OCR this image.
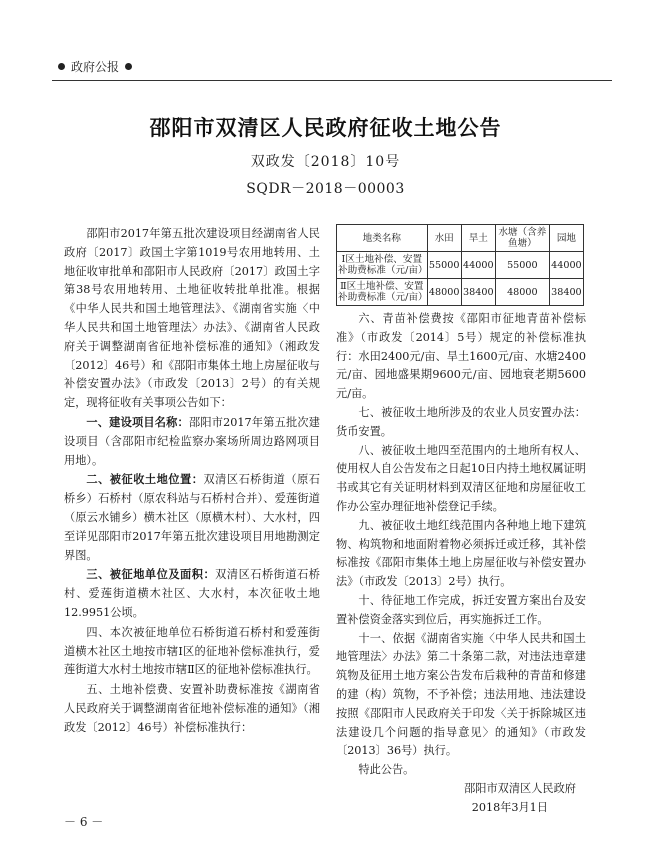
政府公报
邵阳市双清区人民政府征收土地公告
双政发〔2018〕10号
SQDR－2018－00003

邵阳市2017年第五批次建设项目经湖南省人民政府〔2017〕政国土字第1019号农用地转用、土地征收审批单和邵阳市人民政府〔2017〕政国土字第38号农用地转用、土地征收转批单批准。根据《中华人民共和国土地管理法》、《湖南省实施〈中华人民共和国土地管理法〉办法》、《湖南省人民政府关于调整湖南省征地补偿标准的通知》（湘政发〔2012〕46号）和《邵阳市集体土地上房屋征收与补偿安置办法》（市政发〔2013〕2号）的有关规定，现将征收有关事项公告如下：

一、建设项目名称：邵阳市2017年第五批次建设项目（含邵阳市纪检监察办案场所周边路网项目用地）。

二、被征收土地位置：双清区石桥街道（原石桥乡）石桥村（原农科站与石桥村合并）、爱莲街道（原云水铺乡）横木社区（原横木村）、大水村，四至详见邵阳市2017年第五批次建设项目用地勘测定界图。

三、被征地单位及面积：双清区石桥街道石桥村、爱莲街道横木社区、大水村，本次征收土地12.9951公顷。

四、本次被征地单位石桥街道石桥村和爱莲街道横木社区土地按市辖Ⅰ区的征地补偿标准执行，爱莲街道大水村土地按市辖Ⅱ区的征地补偿标准执行。

五、土地补偿费、安置补助费标准按《湖南省人民政府关于调整湖南省征地补偿标准的通知》（湘政发〔2012〕46号）补偿标准执行：

地类名称	水田	旱土	水塘（含养鱼塘）	园地
Ⅰ区土地补偿、安置补助费标准（元/亩）	55000	44000	55000	44000
Ⅱ区土地补偿、安置补助费标准（元/亩）	48000	38400	48000	38400

六、青苗补偿费按《邵阳市征地青苗补偿标准》（市政发〔2014〕5号）规定的补偿标准执行：水田2400元/亩、旱土1600元/亩、水塘2400元/亩、园地盛果期9600元/亩、园地衰老期5600元/亩。

七、被征收土地所涉及的农业人员安置办法：货币安置。

八、被征收土地四至范围内的土地所有权人、使用权人自公告发布之日起10日内持土地权属证明书或其它有关证明材料到双清区征地和房屋征收工作办公室办理征地补偿登记手续。

九、被征收土地红线范围内各种地上地下建筑物、构筑物和地面附着物必须拆迁或迁移，其补偿标准按《邵阳市集体土地上房屋征收与补偿安置办法》（市政发〔2013〕2号）执行。

十、待征地工作完成，拆迁安置方案出台及安置补偿资金落实到位后，再实施拆迁工作。

十一、依据《湖南省实施〈中华人民共和国土地管理法〉办法》第二十条第二款，对违法违章建筑物及征用土地方案公告发布后栽种的青苗和修建的建（构）筑物，不予补偿；违法用地、违法建设按照《邵阳市人民政府关于印发〈关于拆除城区违法建设几个问题的指导意见〉的通知》（市政发〔2013〕36号）执行。

特此公告。

邵阳市双清区人民政府

2018年3月1日

－ 6 －
